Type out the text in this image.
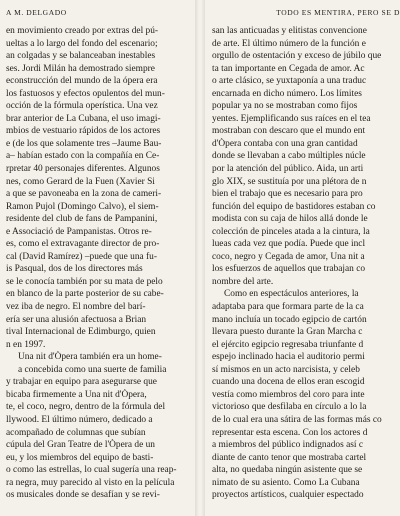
A M. DELGADO
en movimiento creado por extras del pú-
ueltas a lo largo del fondo del escenario;
an colgadas y se balanceaban inestables
ses. Jordi Milán ha demostrado siempre
econstrucción del mundo de la ópera era
los fastuosos y efectos opulentos del mun-
occión de la fórmula operística. Una vez
brar anterior de La Cubana, el uso imagi-
mbios de vestuario rápidos de los actores
e (de los que solamente tres –Jaume Bau-
a– habían estado con la compañía en Ce-
rpretar 40 personajes diferentes. Algunos
nes, como Gerard de la Fuen (Xavier Si
a que se pavoneaba en la zona de cameri-
Ramon Pujol (Domingo Calvo), el siem-
residente del club de fans de Pampanini,
e Associació de Pampanistas. Otros re-
es, como el extravagante director de pro-
cal (David Ramírez) –puede que una fu-
is Pasqual, dos de los directores más
se le conocía también por su mata de pelo
en blanco de la parte posterior de su cabe-
vez iba de negro. El nombre del barí-
ería ser una alusión afectuosa a Brian
tival Internacional de Edimburgo, quien
n en 1997.
Una nit d'Òpera también era un home-
a concebida como una suerte de familia
y trabajar en equipo para asegurarse que
bicaba firmemente a Una nit d'Òpera,
te, el coco, negro, dentro de la fórmula del
llywood. El último número, dedicado a
acompañado de columnas que subían
cúpula del Gran Teatre de l'Òpera de un
eu, y los miembros del equipo de basti-
o como las estrellas, lo cual sugería una reap-
ra negra, muy parecido al visto en la película
os musicales donde se desafían y se revi-
TODO ES MENTIRA, PERO SE D
san las anticuadas y elitistas convencione
de arte. El último número de la función e
orgullo de ostentación y exceso de júbilo que
ta tan importante en Cegada de amor. Ac
o arte clásico, se yuxtaponía a una traduc
encarnada en dicho número. Los límites
popular ya no se mostraban como fijos
yentes. Ejemplificando sus raíces en el tea
mostraban con descaro que el mundo ent
d'Òpera contaba con una gran cantidad
donde se llevaban a cabo múltiples núcle
por la atención del público. Aida, un arti
glo XIX, se sustituía por una plétora de n
bien el trabajo que es necesario para pro
función del equipo de bastidores estaban co
modista con su caja de hilos allá donde le
colección de pinceles atada a la cintura, la
lueas cada vez que podía. Puede que incl
coco, negro y Cegada de amor, Una nit a
los esfuerzos de aquellos que trabajan co
nombre del arte.
Como en espectáculos anteriores, la
adaptaba para que formara parte de la ca
mano incluía un tocado egipcio de cartón
llevara puesto durante la Gran Marcha c
el ejército egipcio regresaba triunfante d
espejo inclinado hacia el auditorio permi
sí mismos en un acto narcisista, y celeb
cuando una docena de ellos eran escogid
vestía como miembros del coro para inte
victorioso que desfilaba en círculo a lo la
de lo cual era una sátira de las formas más co
representar esta escena. Con los actores d
a miembros del público indignados así c
diante de canto tenor que mostraba cartel
alta, no quedaba ningún asistente que se
nimato de su asiento. Como La Cubana
proyectos artísticos, cualquier espectado
